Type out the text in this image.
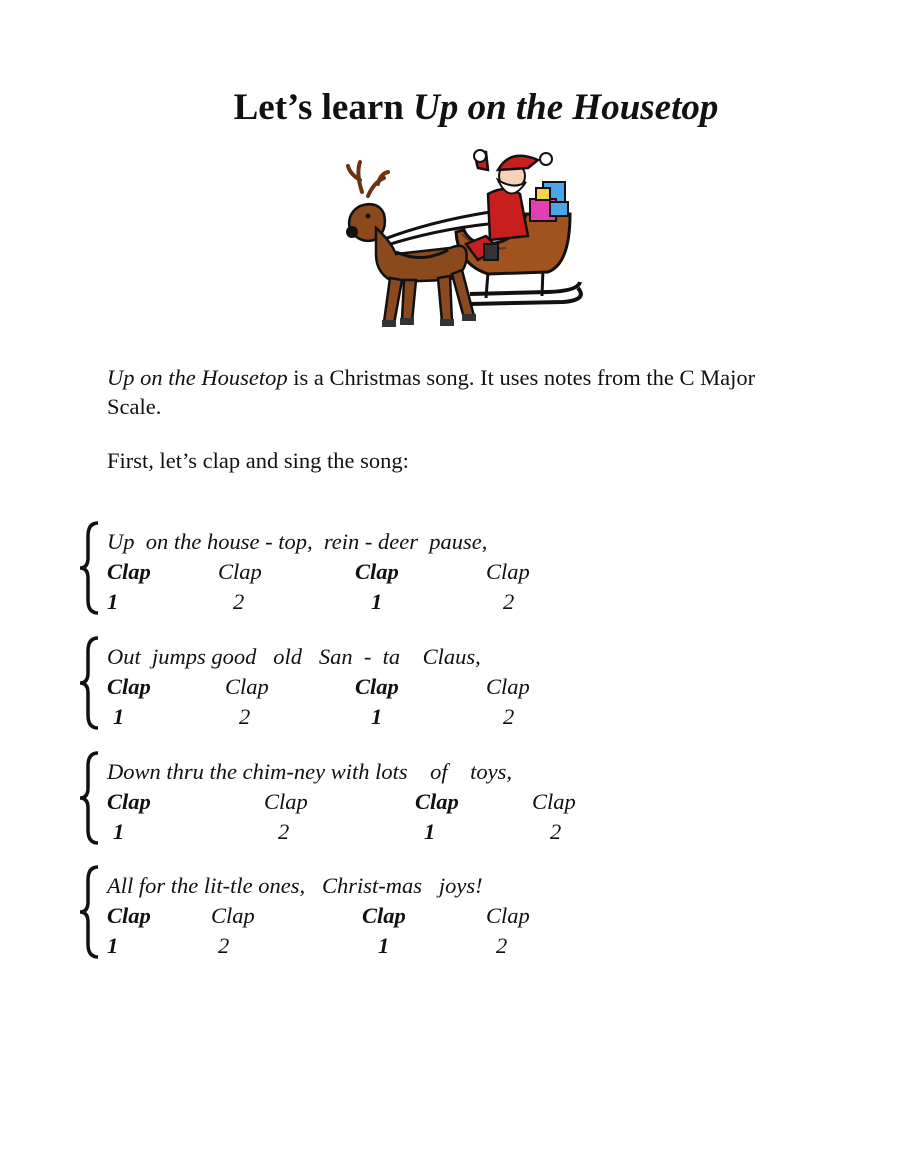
Let’s learn Up on the Housetop

Up on the Housetop is a Christmas song. It uses notes from the C Major Scale.

First, let’s clap and sing the song:

Up  on the house - top,  rein - deer  pause,
Clap	Clap	Clap	Clap
1	2	1	2
Out  jumps good   old   San  -  ta    Claus,
Clap	Clap	Clap	Clap
1	2	1	2
Down thru the chim-ney with lots    of    toys,
Clap	Clap	Clap	Clap
1	2	1	2
All for the lit-tle ones,   Christ-mas   joys!
Clap	Clap	Clap	Clap
1	2	1	2
